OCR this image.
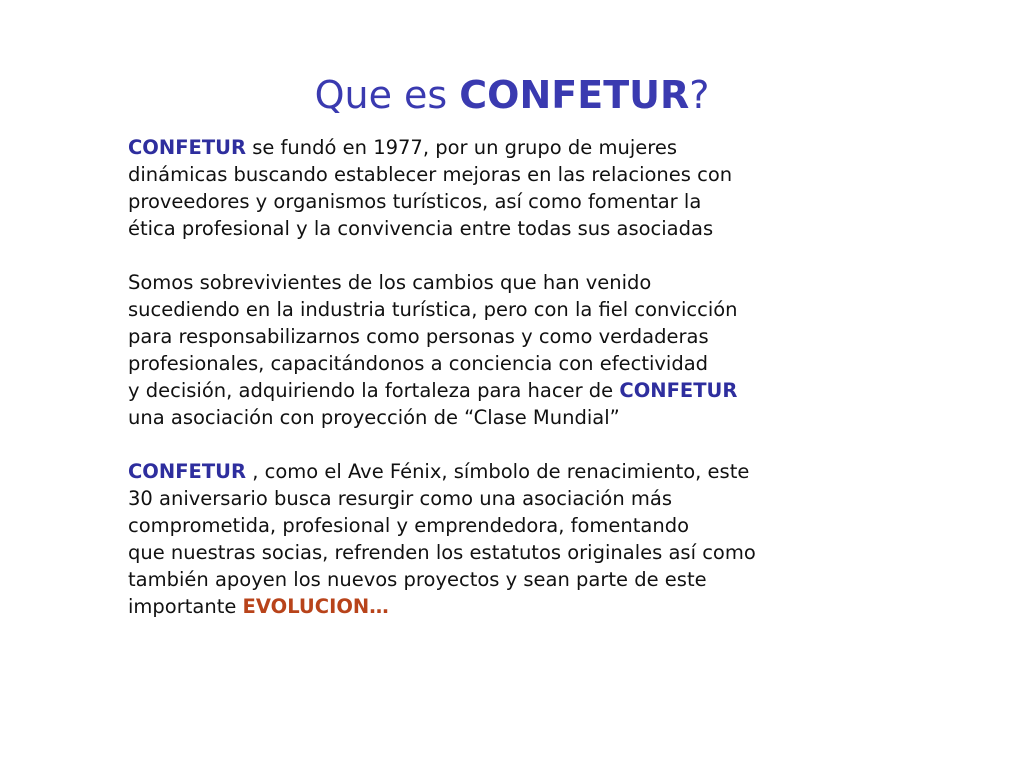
Que es CONFETUR?
CONFETUR se fundó en 1977, por un grupo de mujeres
dinámicas buscando establecer mejoras en las relaciones con
proveedores y organismos turísticos, así como fomentar la
ética profesional y la convivencia entre todas sus asociadas
Somos sobrevivientes de los cambios que han venido
sucediendo en la industria turística, pero con la fiel convicción
para responsabilizarnos como personas y como verdaderas
profesionales, capacitándonos a conciencia con efectividad
y decisión, adquiriendo la fortaleza para hacer de CONFETUR
una asociación con proyección de “Clase Mundial”
CONFETUR , como el Ave Fénix, símbolo de renacimiento, este
30 aniversario busca resurgir como una asociación más
comprometida, profesional y emprendedora, fomentando
que nuestras socias, refrenden los estatutos originales así como
también apoyen los nuevos proyectos y sean parte de este
importante EVOLUCION…
